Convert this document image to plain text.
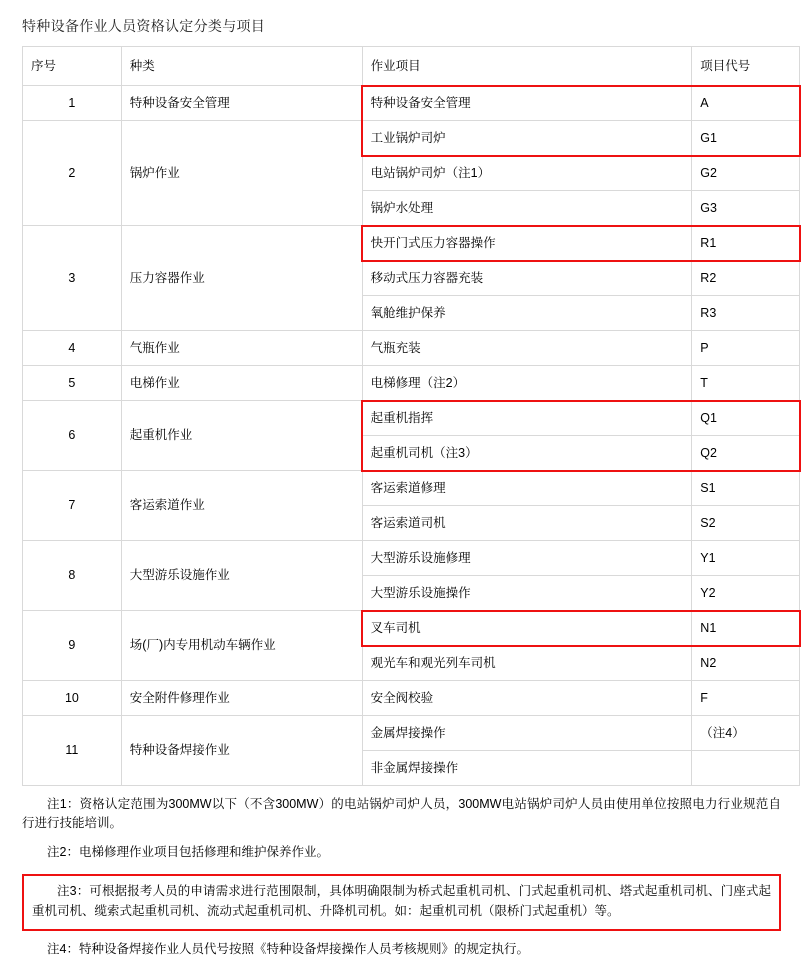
特种设备作业人员资格认定分类与项目
序号	种类	作业项目	项目代号
1	特种设备安全管理	特种设备安全管理	A
2	锅炉作业	工业锅炉司炉	G1
		电站锅炉司炉（注1）	G2
		锅炉水处理	G3
3	压力容器作业	快开门式压力容器操作	R1
		移动式压力容器充装	R2
		氧舱维护保养	R3
4	气瓶作业	气瓶充装	P
5	电梯作业	电梯修理（注2）	T
6	起重机作业	起重机指挥	Q1
		起重机司机（注3）	Q2
7	客运索道作业	客运索道修理	S1
		客运索道司机	S2
8	大型游乐设施作业	大型游乐设施修理	Y1
		大型游乐设施操作	Y2
9	场(厂)内专用机动车辆作业	叉车司机	N1
		观光车和观光列车司机	N2
10	安全附件修理作业	安全阀校验	F
11	特种设备焊接作业	金属焊接操作	（注4）
		非金属焊接操作	

注1：资格认定范围为300MW以下（不含300MW）的电站锅炉司炉人员，300MW电站锅炉司炉人员由使用单位按照电力行业规范自行进行技能培训。

注2：电梯修理作业项目包括修理和维护保养作业。

注3：可根据报考人员的申请需求进行范围限制，具体明确限制为桥式起重机司机、门式起重机司机、塔式起重机司机、门座式起重机司机、缆索式起重机司机、流动式起重机司机、升降机司机。如：起重机司机（限桥门式起重机）等。

注4：特种设备焊接作业人员代号按照《特种设备焊接操作人员考核规则》的规定执行。
